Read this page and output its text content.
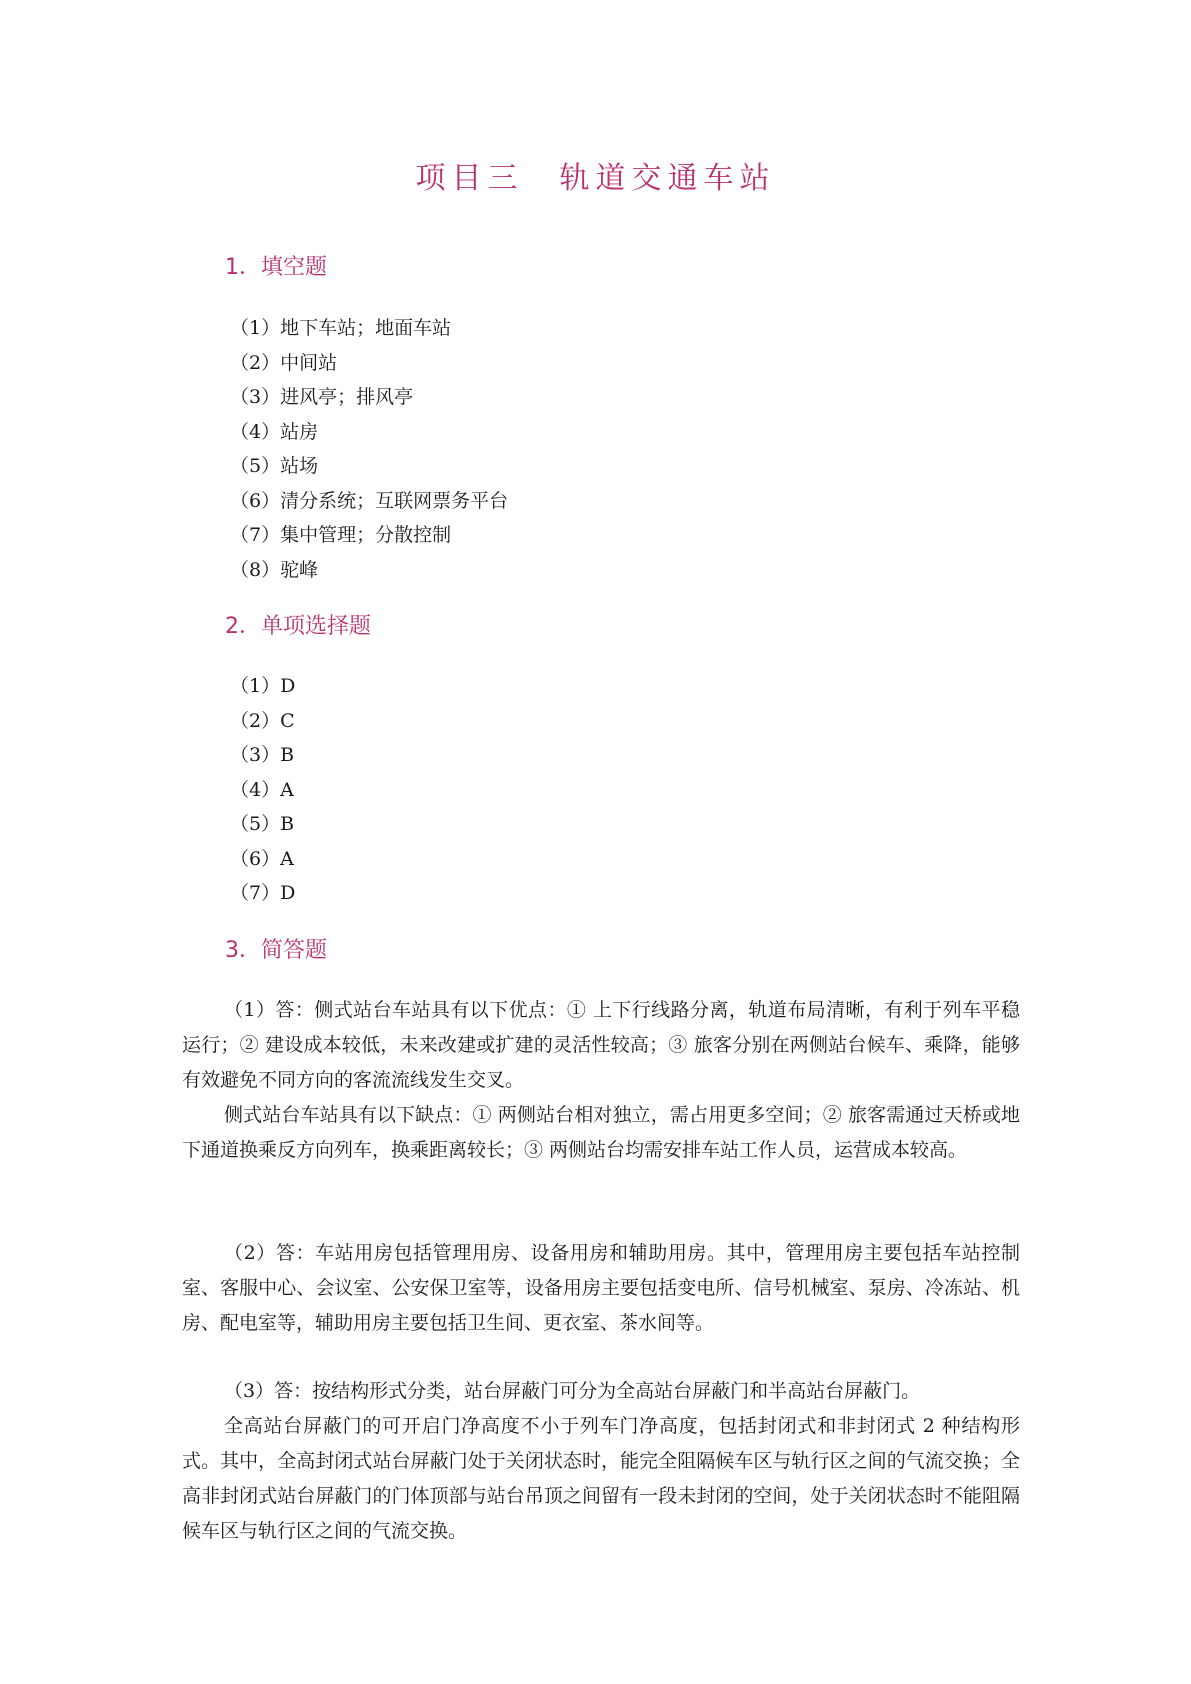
项目三　轨道交通车站
1．填空题
（1）地下车站；地面车站
（2）中间站
（3）进风亭；排风亭
（4）站房
（5）站场
（6）清分系统；互联网票务平台
（7）集中管理；分散控制
（8）驼峰
2．单项选择题
（1）D
（2）C
（3）B
（4）A
（5）B
（6）A
（7）D
3．简答题

（1）答：侧式站台车站具有以下优点：① 上下行线路分离，轨道布局清晰，有利于列车平稳运行；② 建设成本较低，未来改建或扩建的灵活性较高；③ 旅客分别在两侧站台候车、乘降，能够有效避免不同方向的客流流线发生交叉。

侧式站台车站具有以下缺点：① 两侧站台相对独立，需占用更多空间；② 旅客需通过天桥或地下通道换乘反方向列车，换乘距离较长；③ 两侧站台均需安排车站工作人员，运营成本较高。

（2）答：车站用房包括管理用房、设备用房和辅助用房。其中，管理用房主要包括车站控制室、客服中心、会议室、公安保卫室等，设备用房主要包括变电所、信号机械室、泵房、冷冻站、机房、配电室等，辅助用房主要包括卫生间、更衣室、茶水间等。

（3）答：按结构形式分类，站台屏蔽门可分为全高站台屏蔽门和半高站台屏蔽门。

全高站台屏蔽门的可开启门净高度不小于列车门净高度，包括封闭式和非封闭式 2 种结构形式。其中，全高封闭式站台屏蔽门处于关闭状态时，能完全阻隔候车区与轨行区之间的气流交换；全高非封闭式站台屏蔽门的门体顶部与站台吊顶之间留有一段未封闭的空间，处于关闭状态时不能阻隔候车区与轨行区之间的气流交换。
